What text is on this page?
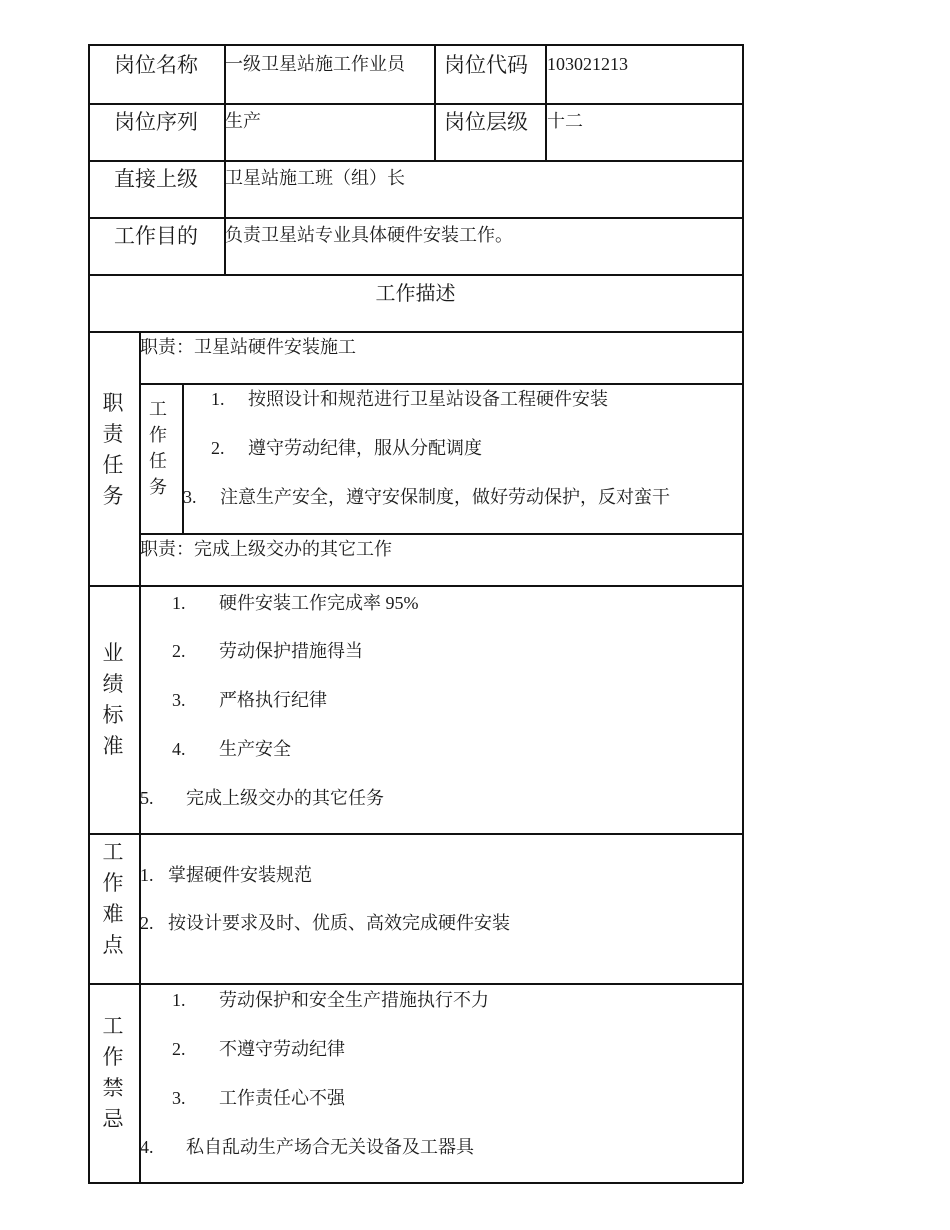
岗位名称 一级卫星站施工作业员 岗位代码 103021213
岗位序列 生产	岗位层级 十二
直接上级 卫星站施工班（组）长
工作目的 负责卫星站专业具体硬件安装工作。
工作描述
职责任务
职责：卫星站硬件安装施工
工作任务
1. 按照设计和规范进行卫星站设备工程硬件安装
2. 遵守劳动纪律，服从分配调度
3. 注意生产安全，遵守安保制度，做好劳动保护，反对蛮干
职责：完成上级交办的其它工作
业绩标准
1. 硬件安装工作完成率 95%
2. 劳动保护措施得当
3. 严格执行纪律
4. 生产安全
5. 完成上级交办的其它任务
工作难点
1. 掌握硬件安装规范
2. 按设计要求及时、优质、高效完成硬件安装
工作禁忌
1. 劳动保护和安全生产措施执行不力
2. 不遵守劳动纪律
3. 工作责任心不强
4. 私自乱动生产场合无关设备及工器具
